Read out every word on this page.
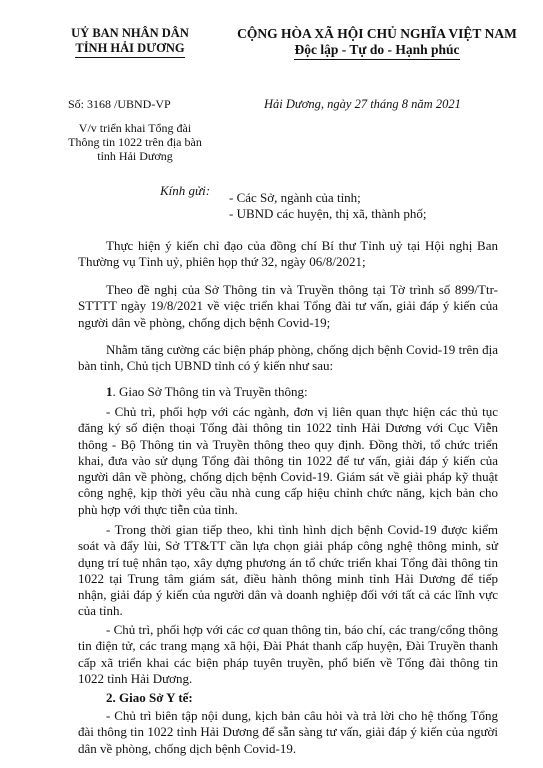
UỶ BAN NHÂN DÂN
TỈNH HẢI DƯƠNG
CỘNG HÒA XÃ HỘI CHỦ NGHĨA VIỆT NAM
Độc lập - Tự do - Hạnh phúc
Số: 3168 /UBND-VP	Hải Dương, ngày 27 tháng 8 năm 2021
V/v triển khai Tổng đài
Thông tin 1022 trên địa bàn
tỉnh Hải Dương
Kính gửi: - Các Sở, ngành của tỉnh;
- UBND các huyện, thị xã, thành phố;

Thực hiện ý kiến chỉ đạo của đồng chí Bí thư Tỉnh uỷ tại Hội nghị Ban Thường vụ Tỉnh uỷ, phiên họp thứ 32, ngày 06/8/2021;

Theo đề nghị của Sở Thông tin và Truyền thông tại Tờ trình số 899/Ttr-STTTT ngày 19/8/2021 về việc triển khai Tổng đài tư vấn, giải đáp ý kiến của người dân về phòng, chống dịch bệnh Covid-19;

Nhằm tăng cường các biện pháp phòng, chống dịch bệnh Covid-19 trên địa bàn tỉnh, Chủ tịch UBND tỉnh có ý kiến như sau:

1. Giao Sở Thông tin và Truyền thông:

- Chủ trì, phối hợp với các ngành, đơn vị liên quan thực hiện các thủ tục đăng ký số điện thoại Tổng đài thông tin 1022 tỉnh Hải Dương với Cục Viễn thông - Bộ Thông tin và Truyền thông theo quy định. Đồng thời, tổ chức triển khai, đưa vào sử dụng Tổng đài thông tin 1022 để tư vấn, giải đáp ý kiến của người dân về phòng, chống dịch bệnh Covid-19. Giám sát về giải pháp kỹ thuật công nghệ, kịp thời yêu cầu nhà cung cấp hiệu chỉnh chức năng, kịch bản cho phù hợp với thực tiễn của tỉnh.

- Trong thời gian tiếp theo, khi tình hình dịch bệnh Covid-19 được kiểm soát và đẩy lùi, Sở TT&TT cần lựa chọn giải pháp công nghệ thông minh, sử dụng trí tuệ nhân tạo, xây dựng phương án tổ chức triển khai Tổng đài thông tin 1022 tại Trung tâm giám sát, điều hành thông minh tỉnh Hải Dương để tiếp nhận, giải đáp ý kiến của người dân và doanh nghiệp đối với tất cả các lĩnh vực của tỉnh.

- Chủ trì, phối hợp với các cơ quan thông tin, báo chí, các trang/cổng thông tin điện tử, các trang mạng xã hội, Đài Phát thanh cấp huyện, Đài Truyền thanh cấp xã triển khai các biện pháp tuyên truyền, phổ biến về Tổng đài thông tin 1022 tỉnh Hải Dương.

2. Giao Sở Y tế:

- Chủ trì biên tập nội dung, kịch bản câu hỏi và trả lời cho hệ thống Tổng đài thông tin 1022 tỉnh Hải Dương để sẵn sàng tư vấn, giải đáp ý kiến của người dân về phòng, chống dịch bệnh Covid-19.
